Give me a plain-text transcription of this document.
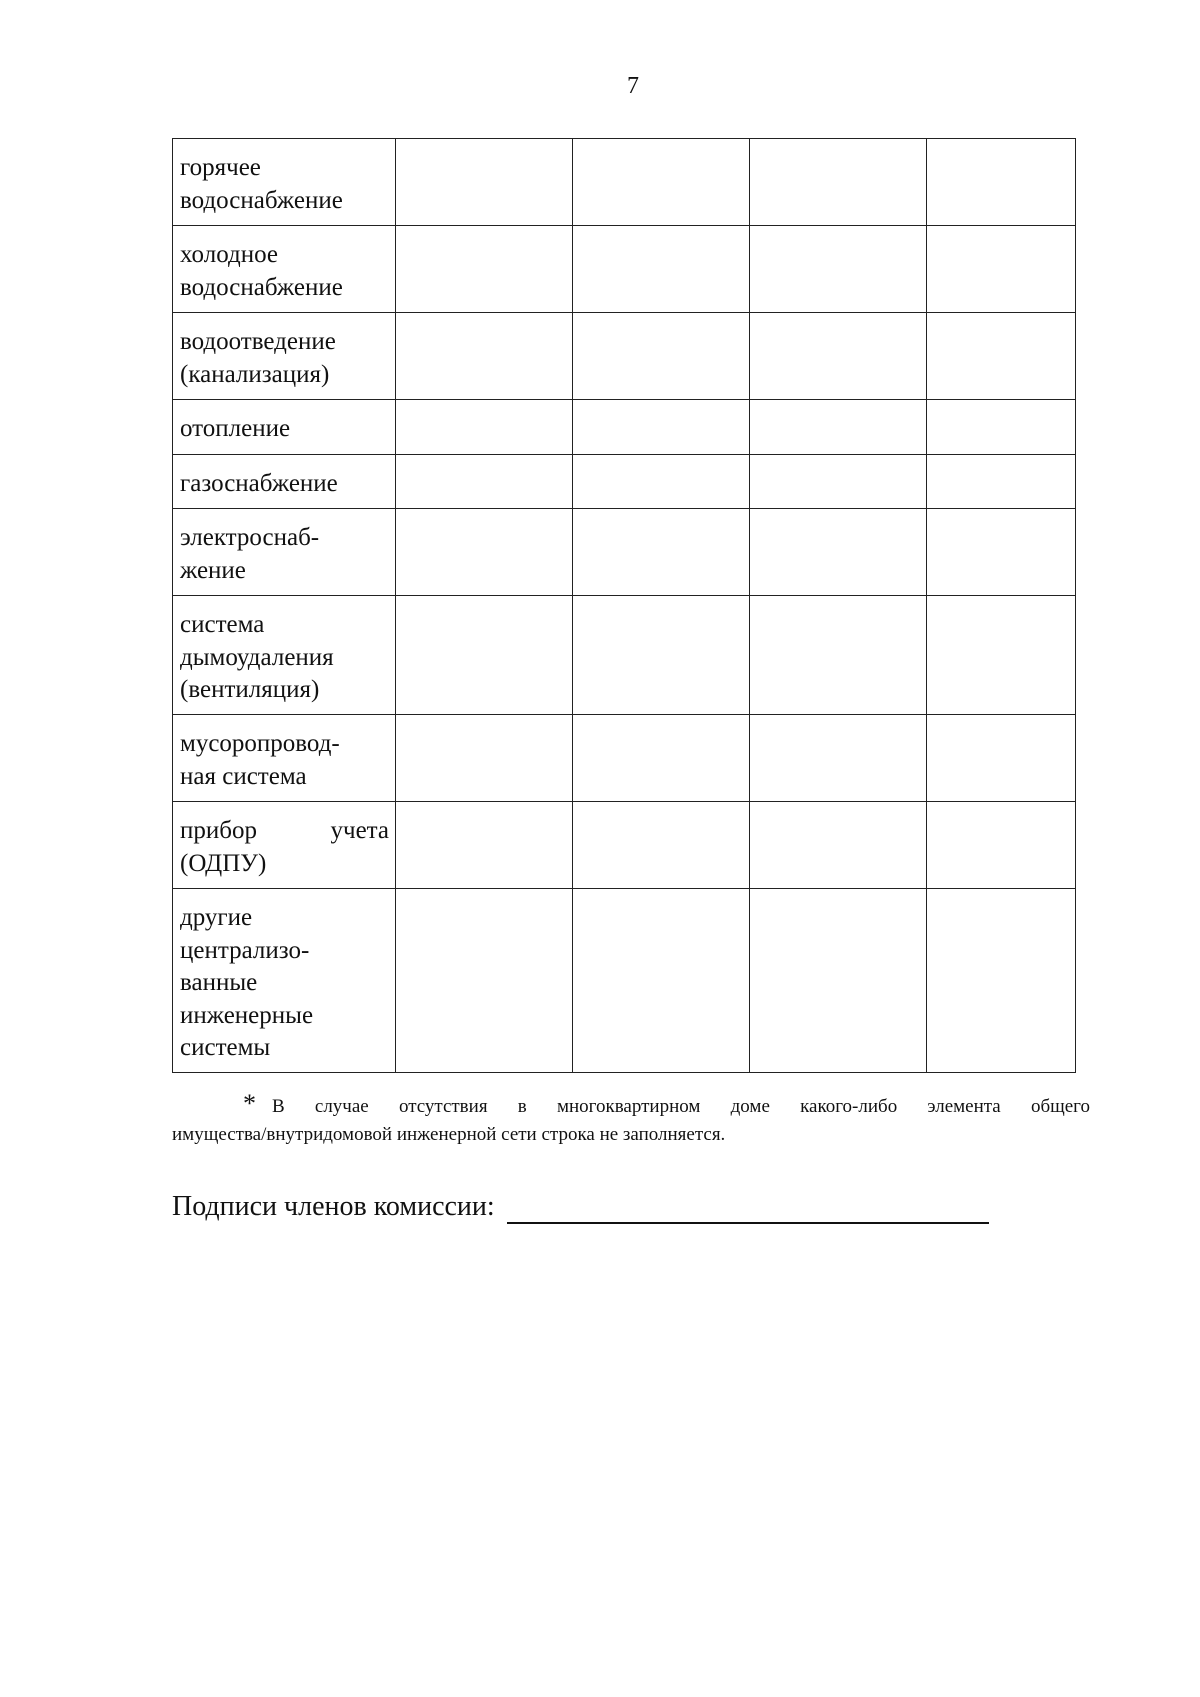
7
горячее
водоснабжение				

холодное
водоснабжение				

водоотведение
(канализация)				

отопление				

газоснабжение				

электроснаб-
жение				

система
дымоудаления
(вентиляция)				

мусоропровод-
ная система				

прибор учета
(ОДПУ)				

другие
централизо-
ванные
инженерные
системы				

* В случае отсутствия в многоквартирном доме какого-либо элемента общего
имущества/внутридомовой инженерной сети строка не заполняется.
Подписи членов комиссии:
